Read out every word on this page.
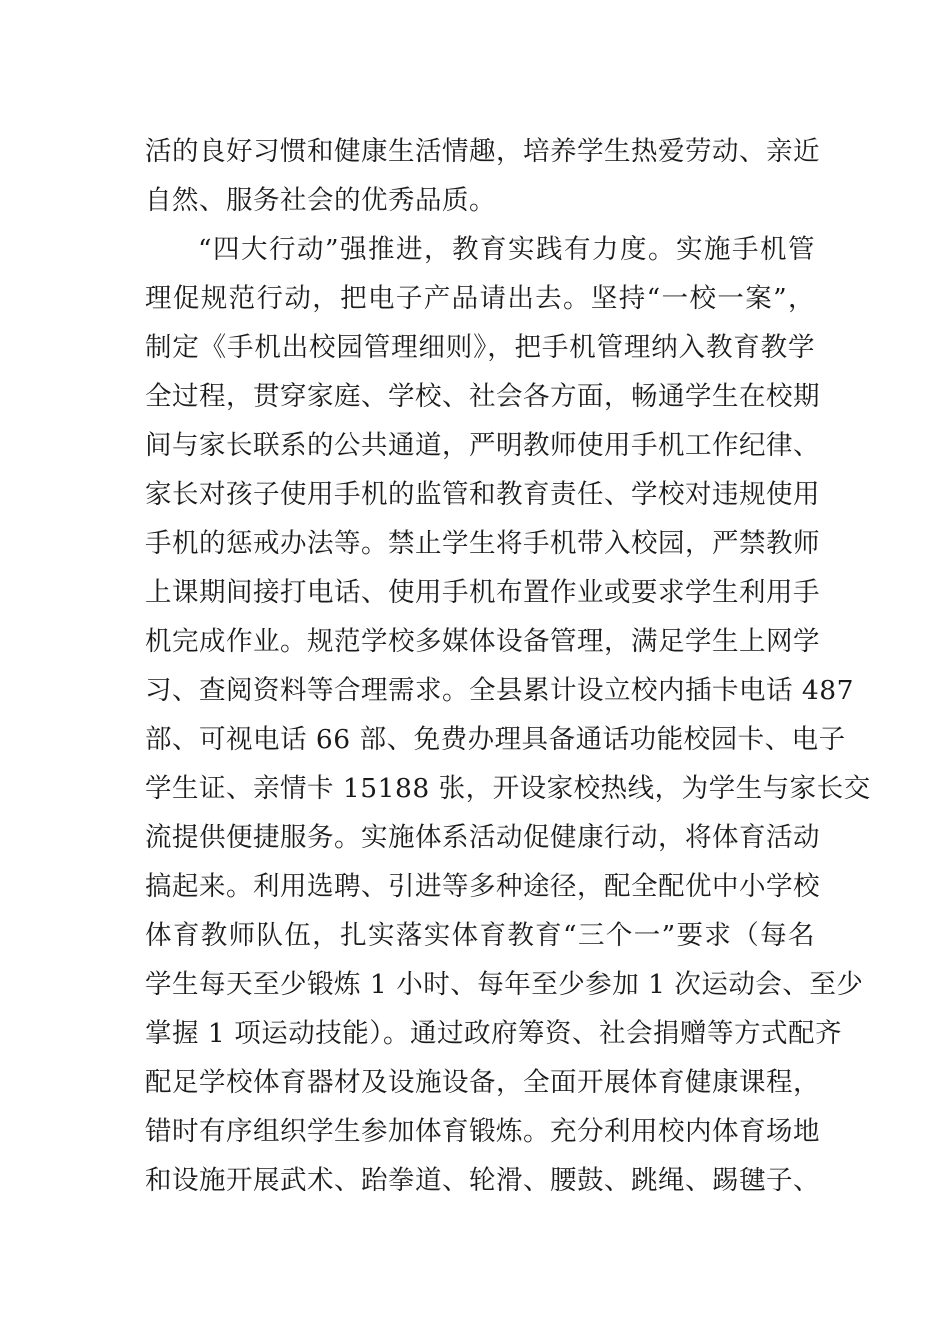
活的良好习惯和健康生活情趣，培养学生热爱劳动、亲近
自然、服务社会的优秀品质。
“四大行动”强推进，教育实践有力度。实施手机管
理促规范行动，把电子产品请出去。坚持“一校一案”，
制定《手机出校园管理细则》，把手机管理纳入教育教学
全过程，贯穿家庭、学校、社会各方面，畅通学生在校期
间与家长联系的公共通道，严明教师使用手机工作纪律、
家长对孩子使用手机的监管和教育责任、学校对违规使用
手机的惩戒办法等。禁止学生将手机带入校园，严禁教师
上课期间接打电话、使用手机布置作业或要求学生利用手
机完成作业。规范学校多媒体设备管理，满足学生上网学
习、查阅资料等合理需求。全县累计设立校内插卡电话 487
部、可视电话 66 部、免费办理具备通话功能校园卡、电子
学生证、亲情卡 15188 张，开设家校热线，为学生与家长交
流提供便捷服务。实施体系活动促健康行动，将体育活动
搞起来。利用选聘、引进等多种途径，配全配优中小学校
体育教师队伍，扎实落实体育教育“三个一”要求（每名
学生每天至少锻炼 1 小时、每年至少参加 1 次运动会、至少
掌握 1 项运动技能）。通过政府筹资、社会捐赠等方式配齐
配足学校体育器材及设施设备，全面开展体育健康课程，
错时有序组织学生参加体育锻炼。充分利用校内体育场地
和设施开展武术、跆拳道、轮滑、腰鼓、跳绳、踢毽子、
